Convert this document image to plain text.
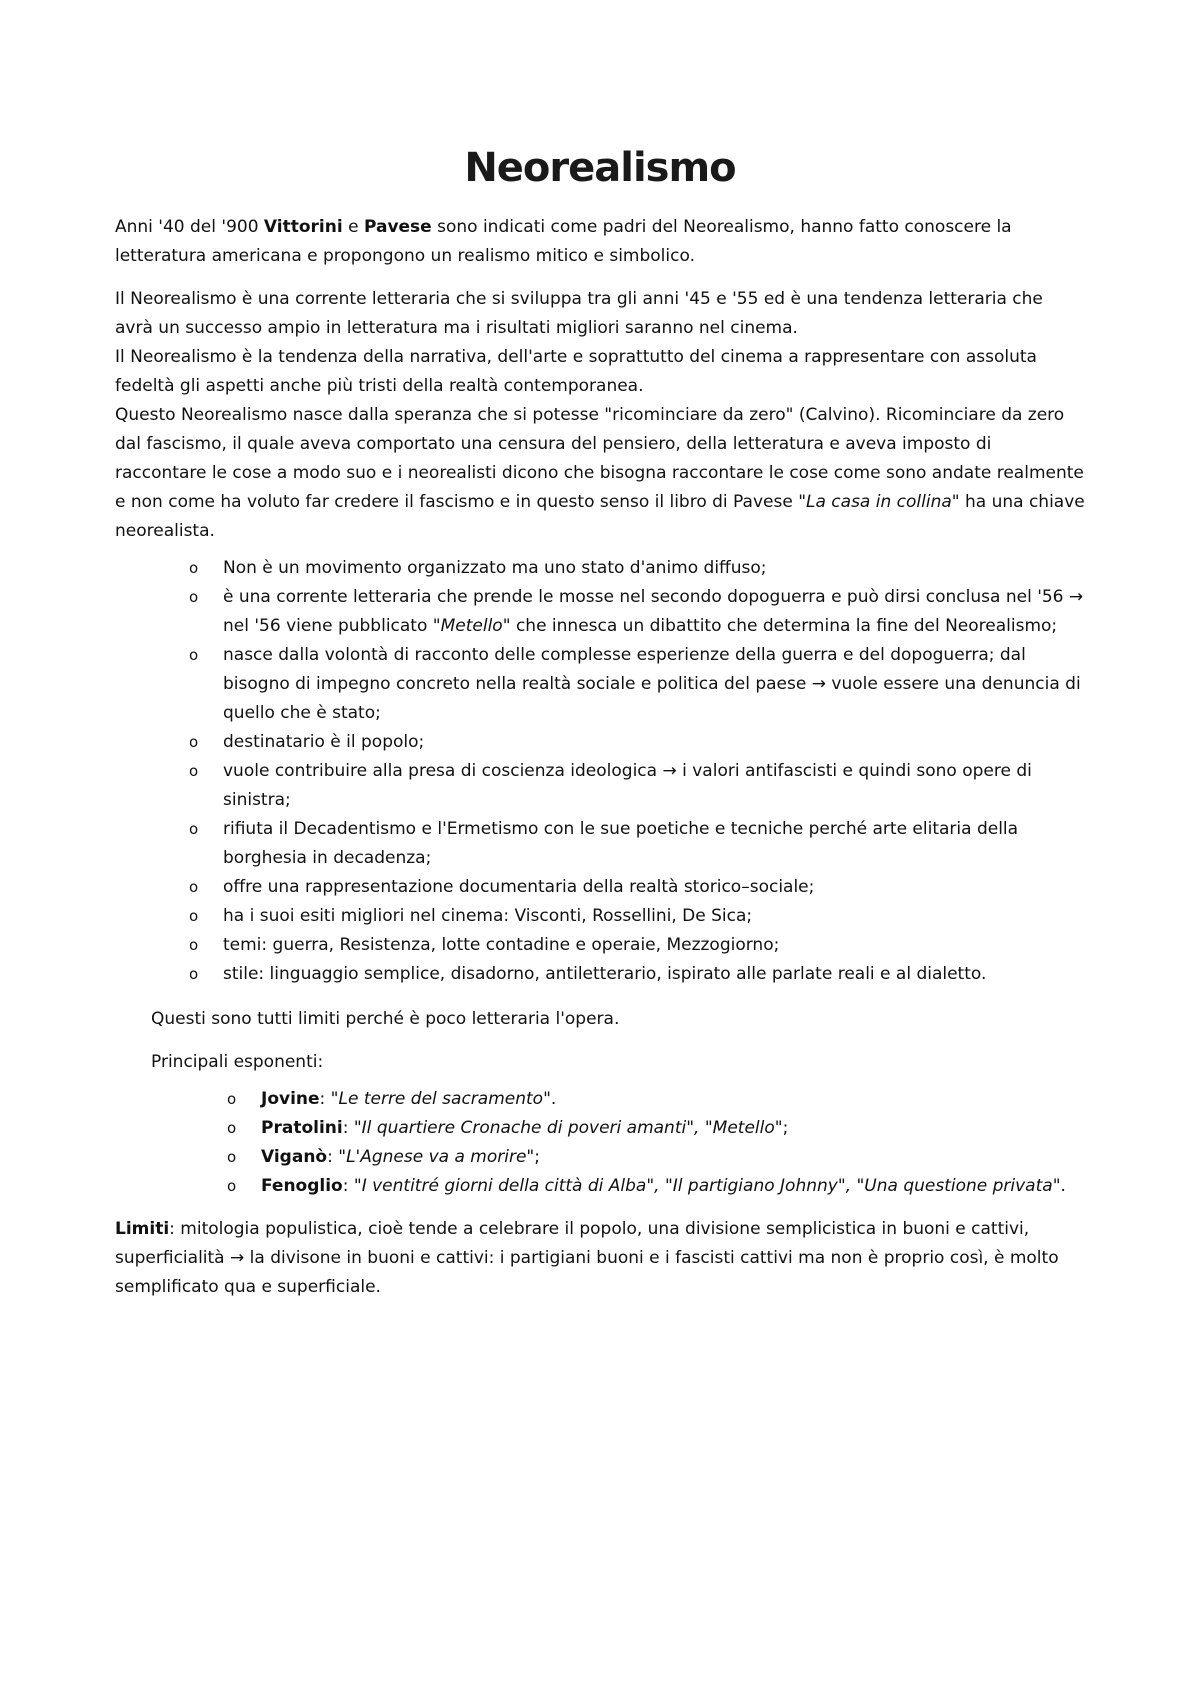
Neorealismo

Anni '40 del '900 Vittorini e Pavese sono indicati come padri del Neorealismo, hanno fatto conoscere la letteratura americana e propongono un realismo mitico e simbolico.

Il Neorealismo è una corrente letteraria che si sviluppa tra gli anni '45 e '55 ed è una tendenza letteraria che avrà un successo ampio in letteratura ma i risultati migliori saranno nel cinema.

Il Neorealismo è la tendenza della narrativa, dell'arte e soprattutto del cinema a rappresentare con assoluta fedeltà gli aspetti anche più tristi della realtà contemporanea.

Questo Neorealismo nasce dalla speranza che si potesse "ricominciare da zero" (Calvino). Ricominciare da zero dal fascismo, il quale aveva comportato una censura del pensiero, della letteratura e aveva imposto di raccontare le cose a modo suo e i neorealisti dicono che bisogna raccontare le cose come sono andate realmente e non come ha voluto far credere il fascismo e in questo senso il libro di Pavese "La casa in collina" ha una chiave neorealista.

o Non è un movimento organizzato ma uno stato d'animo diffuso;
o è una corrente letteraria che prende le mosse nel secondo dopoguerra e può dirsi conclusa nel '56 → nel '56 viene pubblicato "Metello" che innesca un dibattito che determina la fine del Neorealismo;
o nasce dalla volontà di racconto delle complesse esperienze della guerra e del dopoguerra; dal bisogno di impegno concreto nella realtà sociale e politica del paese → vuole essere una denuncia di quello che è stato;
o destinatario è il popolo;
o vuole contribuire alla presa di coscienza ideologica → i valori antifascisti e quindi sono opere di sinistra;
o rifiuta il Decadentismo e l'Ermetismo con le sue poetiche e tecniche perché arte elitaria della borghesia in decadenza;
o offre una rappresentazione documentaria della realtà storico–sociale;
o ha i suoi esiti migliori nel cinema: Visconti, Rossellini, De Sica;
o temi: guerra, Resistenza, lotte contadine e operaie, Mezzogiorno;
o stile: linguaggio semplice, disadorno, antiletterario, ispirato alle parlate reali e al dialetto.

Questi sono tutti limiti perché è poco letteraria l'opera.

Principali esponenti:

o Jovine: "Le terre del sacramento".
o Pratolini: "Il quartiere Cronache di poveri amanti", "Metello";
o Viganò: "L'Agnese va a morire";
o Fenoglio: "I ventitré giorni della città di Alba", "Il partigiano Johnny", "Una questione privata".

Limiti: mitologia populistica, cioè tende a celebrare il popolo, una divisione semplicistica in buoni e cattivi, superficialità → la divisone in buoni e cattivi: i partigiani buoni e i fascisti cattivi ma non è proprio così, è molto semplificato qua e superficiale.
